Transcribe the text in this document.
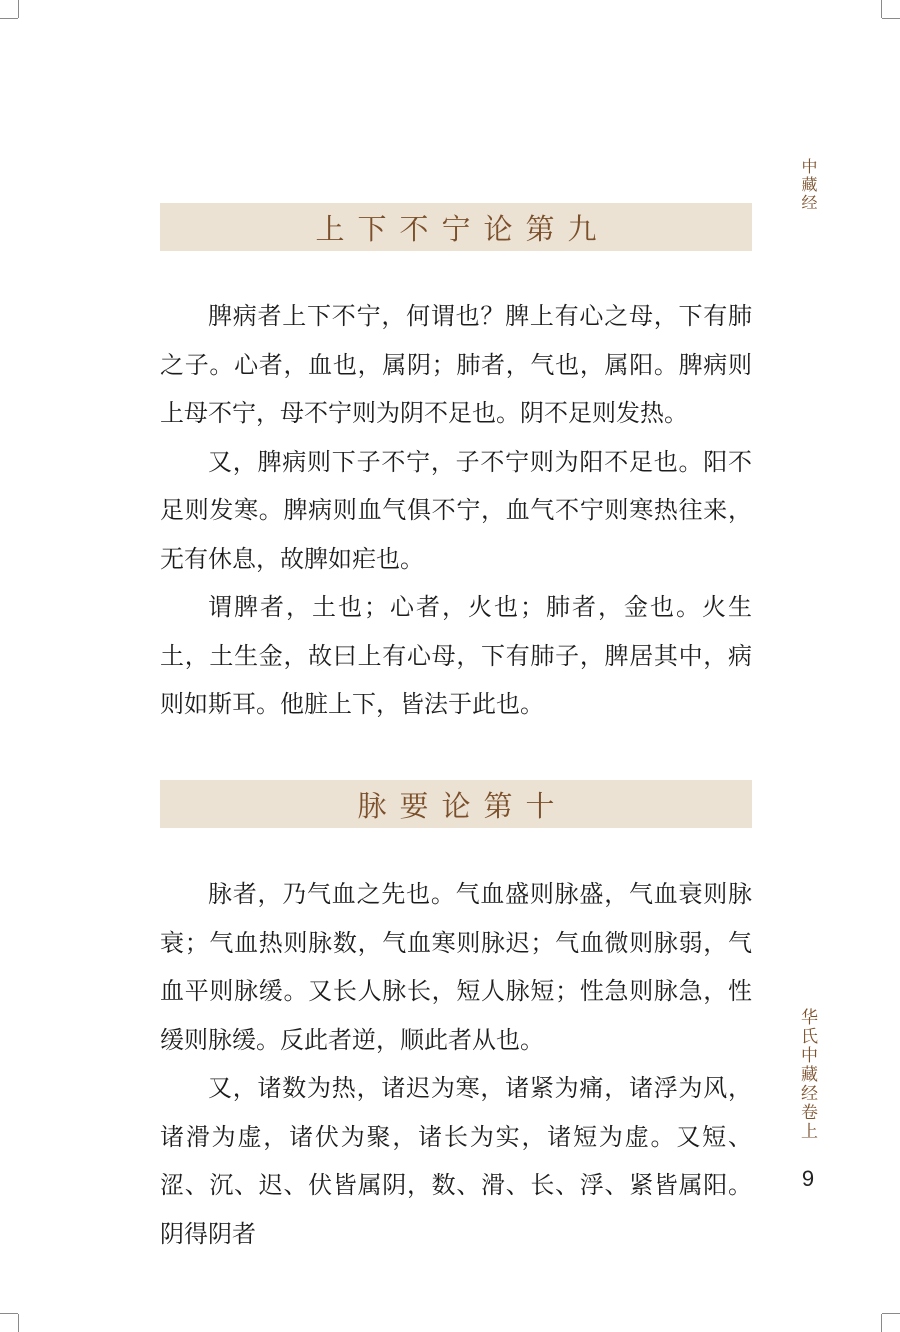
中藏经
华氏中藏经卷上
9
上下不宁论第九

脾病者上下不宁，何谓也？脾上有心之母，下有肺之子。心者，血也，属阴；肺者，气也，属阳。脾病则上母不宁，母不宁则为阴不足也。阴不足则发热。

又，脾病则下子不宁，子不宁则为阳不足也。阳不足则发寒。脾病则血气俱不宁，血气不宁则寒热往来，无有休息，故脾如疟也。

谓脾者，土也；心者，火也；肺者，金也。火生土，土生金，故曰上有心母，下有肺子，脾居其中，病则如斯耳。他脏上下，皆法于此也。

脉要论第十

脉者，乃气血之先也。气血盛则脉盛，气血衰则脉衰；气血热则脉数，气血寒则脉迟；气血微则脉弱，气血平则脉缓。又长人脉长，短人脉短；性急则脉急，性缓则脉缓。反此者逆，顺此者从也。

又，诸数为热，诸迟为寒，诸紧为痛，诸浮为风，诸滑为虚，诸伏为聚，诸长为实，诸短为虚。又短、涩、沉、迟、伏皆属阴，数、滑、长、浮、紧皆属阳。阴得阴者
